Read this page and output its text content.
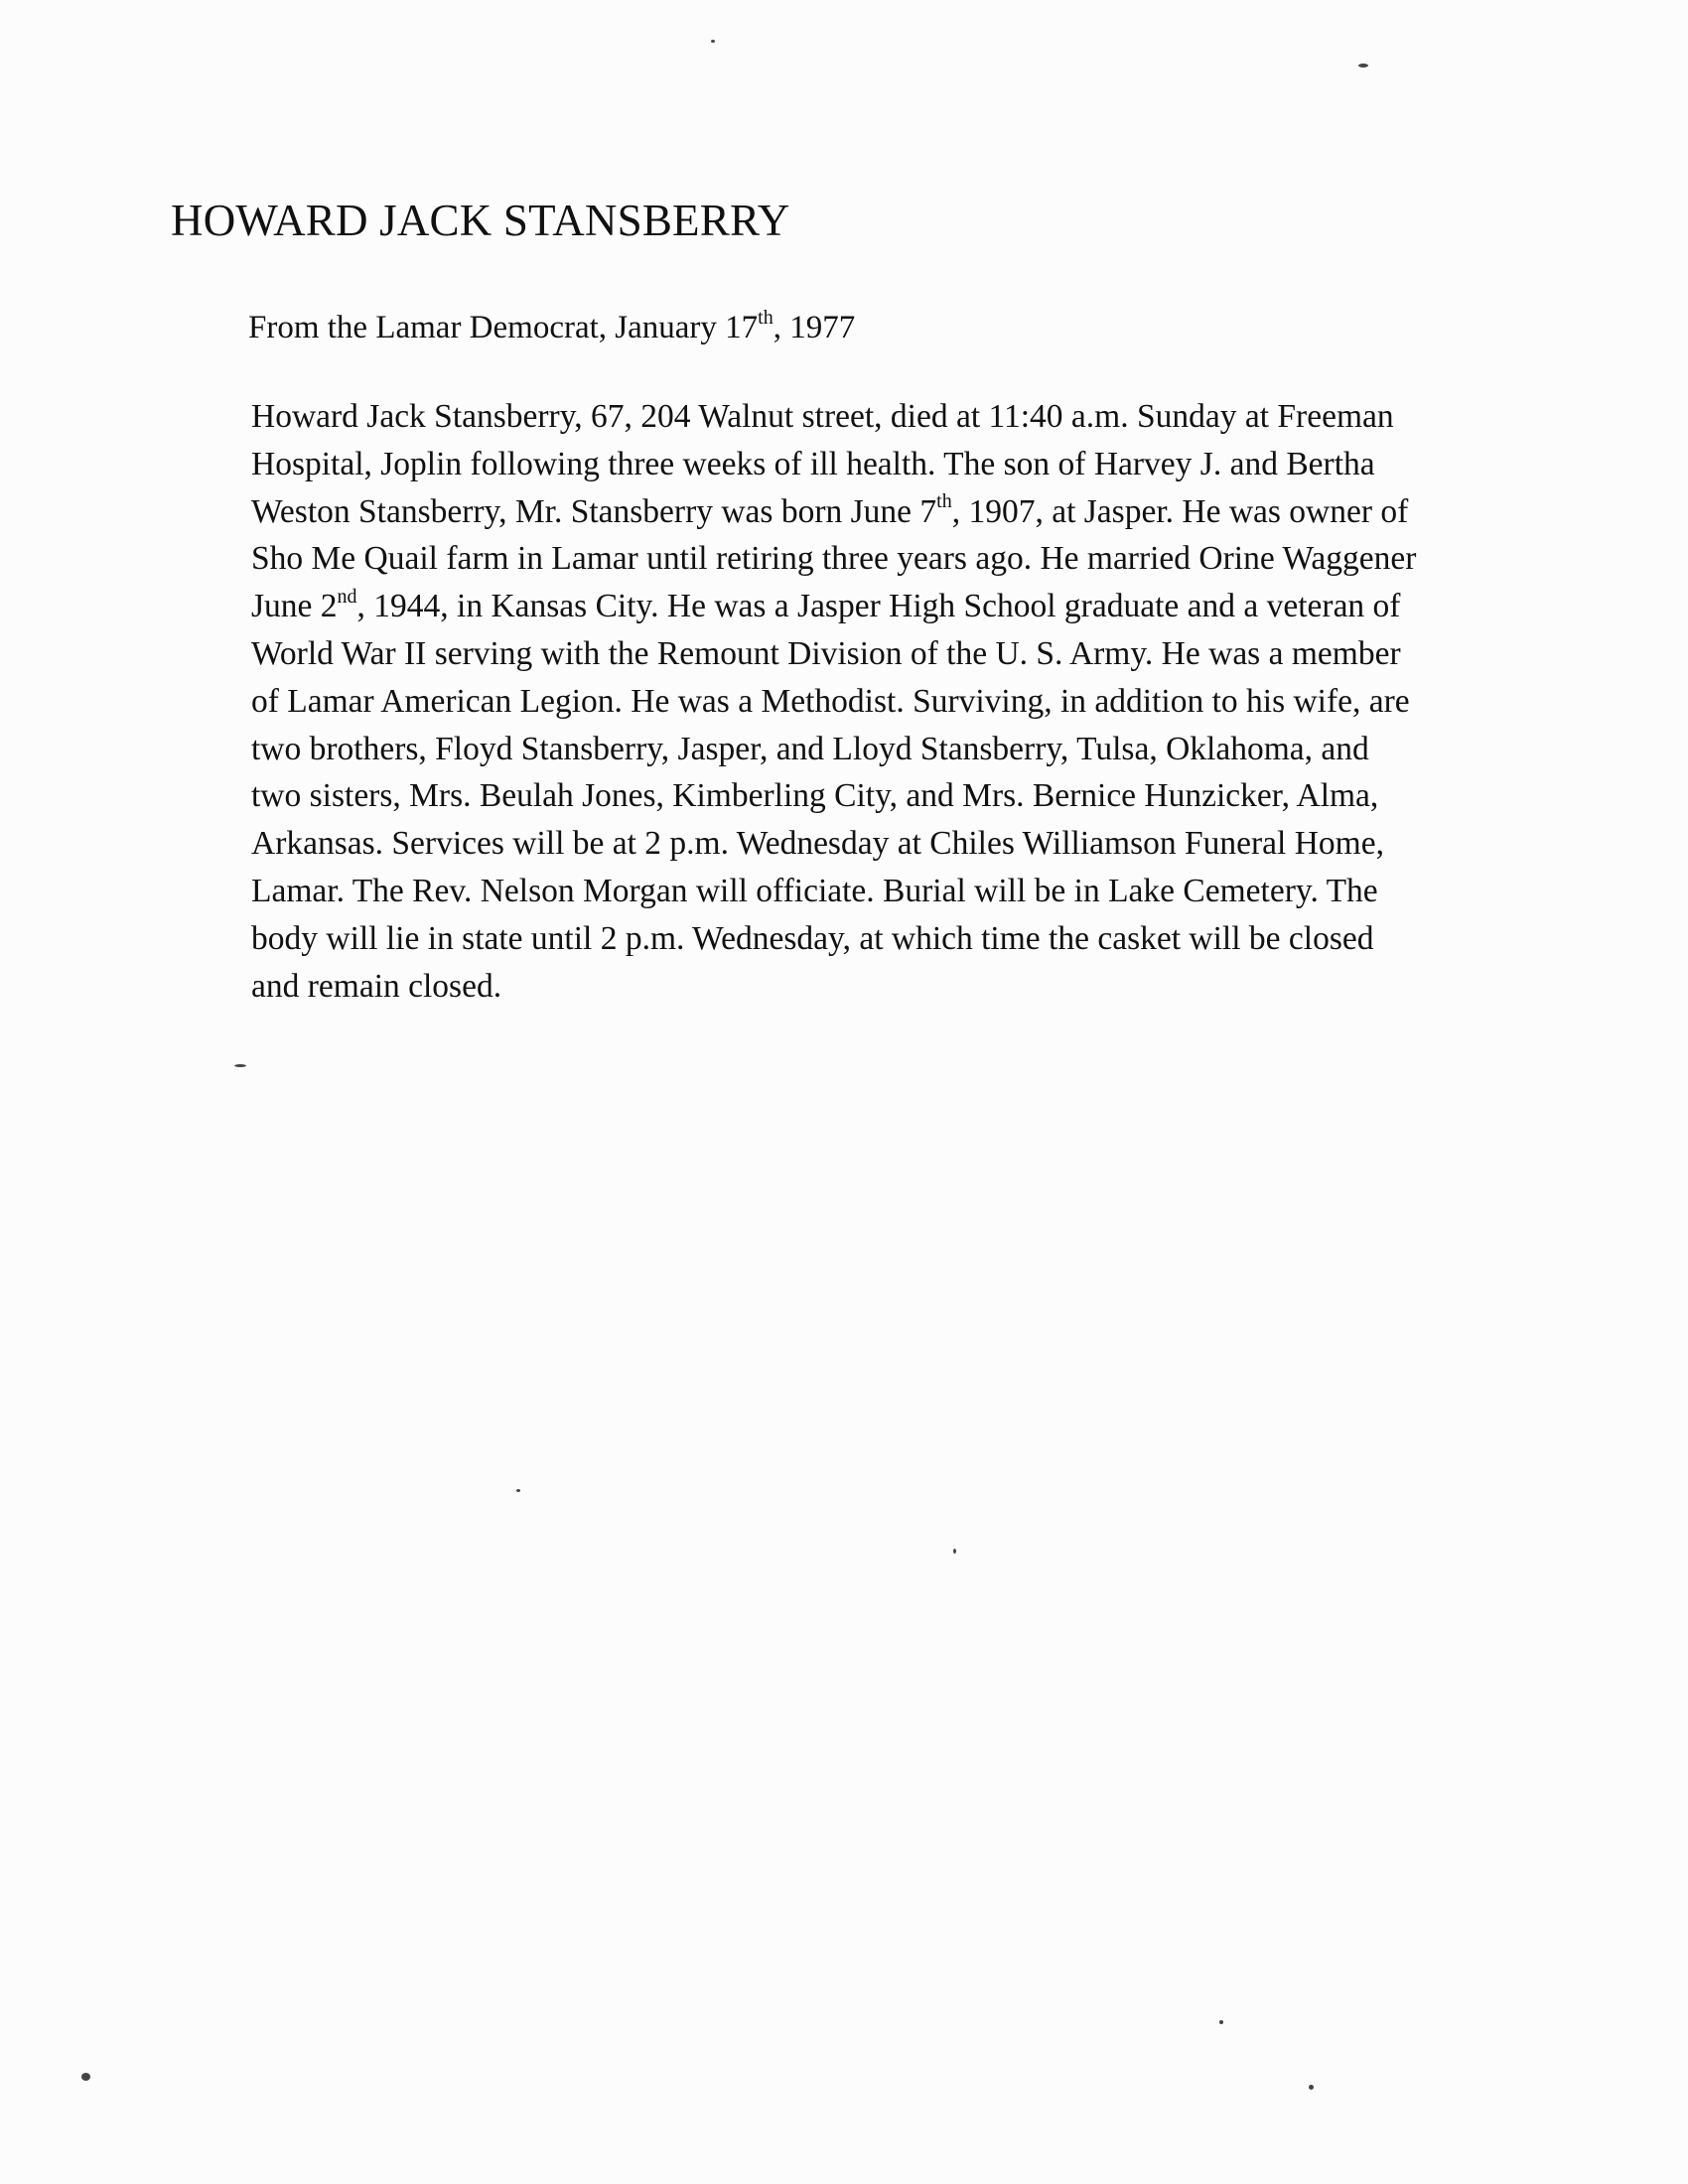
HOWARD JACK STANSBERRY
From the Lamar Democrat, January 17th, 1977
Howard Jack Stansberry, 67, 204 Walnut street, died at 11:40 a.m. Sunday at Freeman
Hospital, Joplin following three weeks of ill health. The son of Harvey J. and Bertha
Weston Stansberry, Mr. Stansberry was born June 7th, 1907, at Jasper. He was owner of
Sho Me Quail farm in Lamar until retiring three years ago. He married Orine Waggener
June 2nd, 1944, in Kansas City. He was a Jasper High School graduate and a veteran of
World War II serving with the Remount Division of the U. S. Army. He was a member
of Lamar American Legion. He was a Methodist. Surviving, in addition to his wife, are
two brothers, Floyd Stansberry, Jasper, and Lloyd Stansberry, Tulsa, Oklahoma, and
two sisters, Mrs. Beulah Jones, Kimberling City, and Mrs. Bernice Hunzicker, Alma,
Arkansas. Services will be at 2 p.m. Wednesday at Chiles Williamson Funeral Home,
Lamar. The Rev. Nelson Morgan will officiate. Burial will be in Lake Cemetery. The
body will lie in state until 2 p.m. Wednesday, at which time the casket will be closed
and remain closed.
